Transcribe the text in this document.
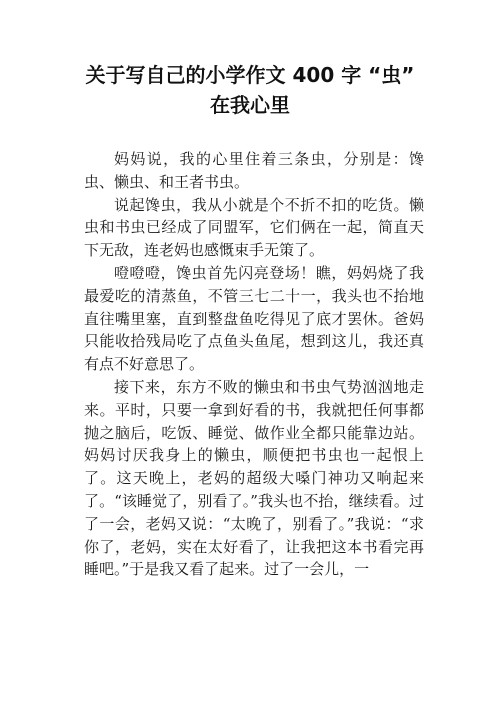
关于写自己的小学作文 400 字 “虫”
在我心里

妈妈说，我的心里住着三条虫，分别是：馋虫、懒虫、和王者书虫。

说起馋虫，我从小就是个不折不扣的吃货。懒虫和书虫已经成了同盟军，它们俩在一起，简直天下无敌，连老妈也感慨束手无策了。

噔噔噔，馋虫首先闪亮登场！瞧，妈妈烧了我最爱吃的清蒸鱼，不管三七二十一，我头也不抬地直往嘴里塞，直到整盘鱼吃得见了底才罢休。爸妈只能收拾残局吃了点鱼头鱼尾，想到这儿，我还真有点不好意思了。

接下来，东方不败的懒虫和书虫气势汹汹地走来。平时，只要一拿到好看的书，我就把任何事都抛之脑后，吃饭、睡觉、做作业全都只能靠边站。妈妈讨厌我身上的懒虫，顺便把书虫也一起恨上了。这天晚上，老妈的超级大嗓门神功又响起来了。“该睡觉了，别看了。”我头也不抬，继续看。过了一会，老妈又说：“太晚了，别看了。”我说：“求你了，老妈，实在太好看了，让我把这本书看完再睡吧。”于是我又看了起来。过了一会儿，一
